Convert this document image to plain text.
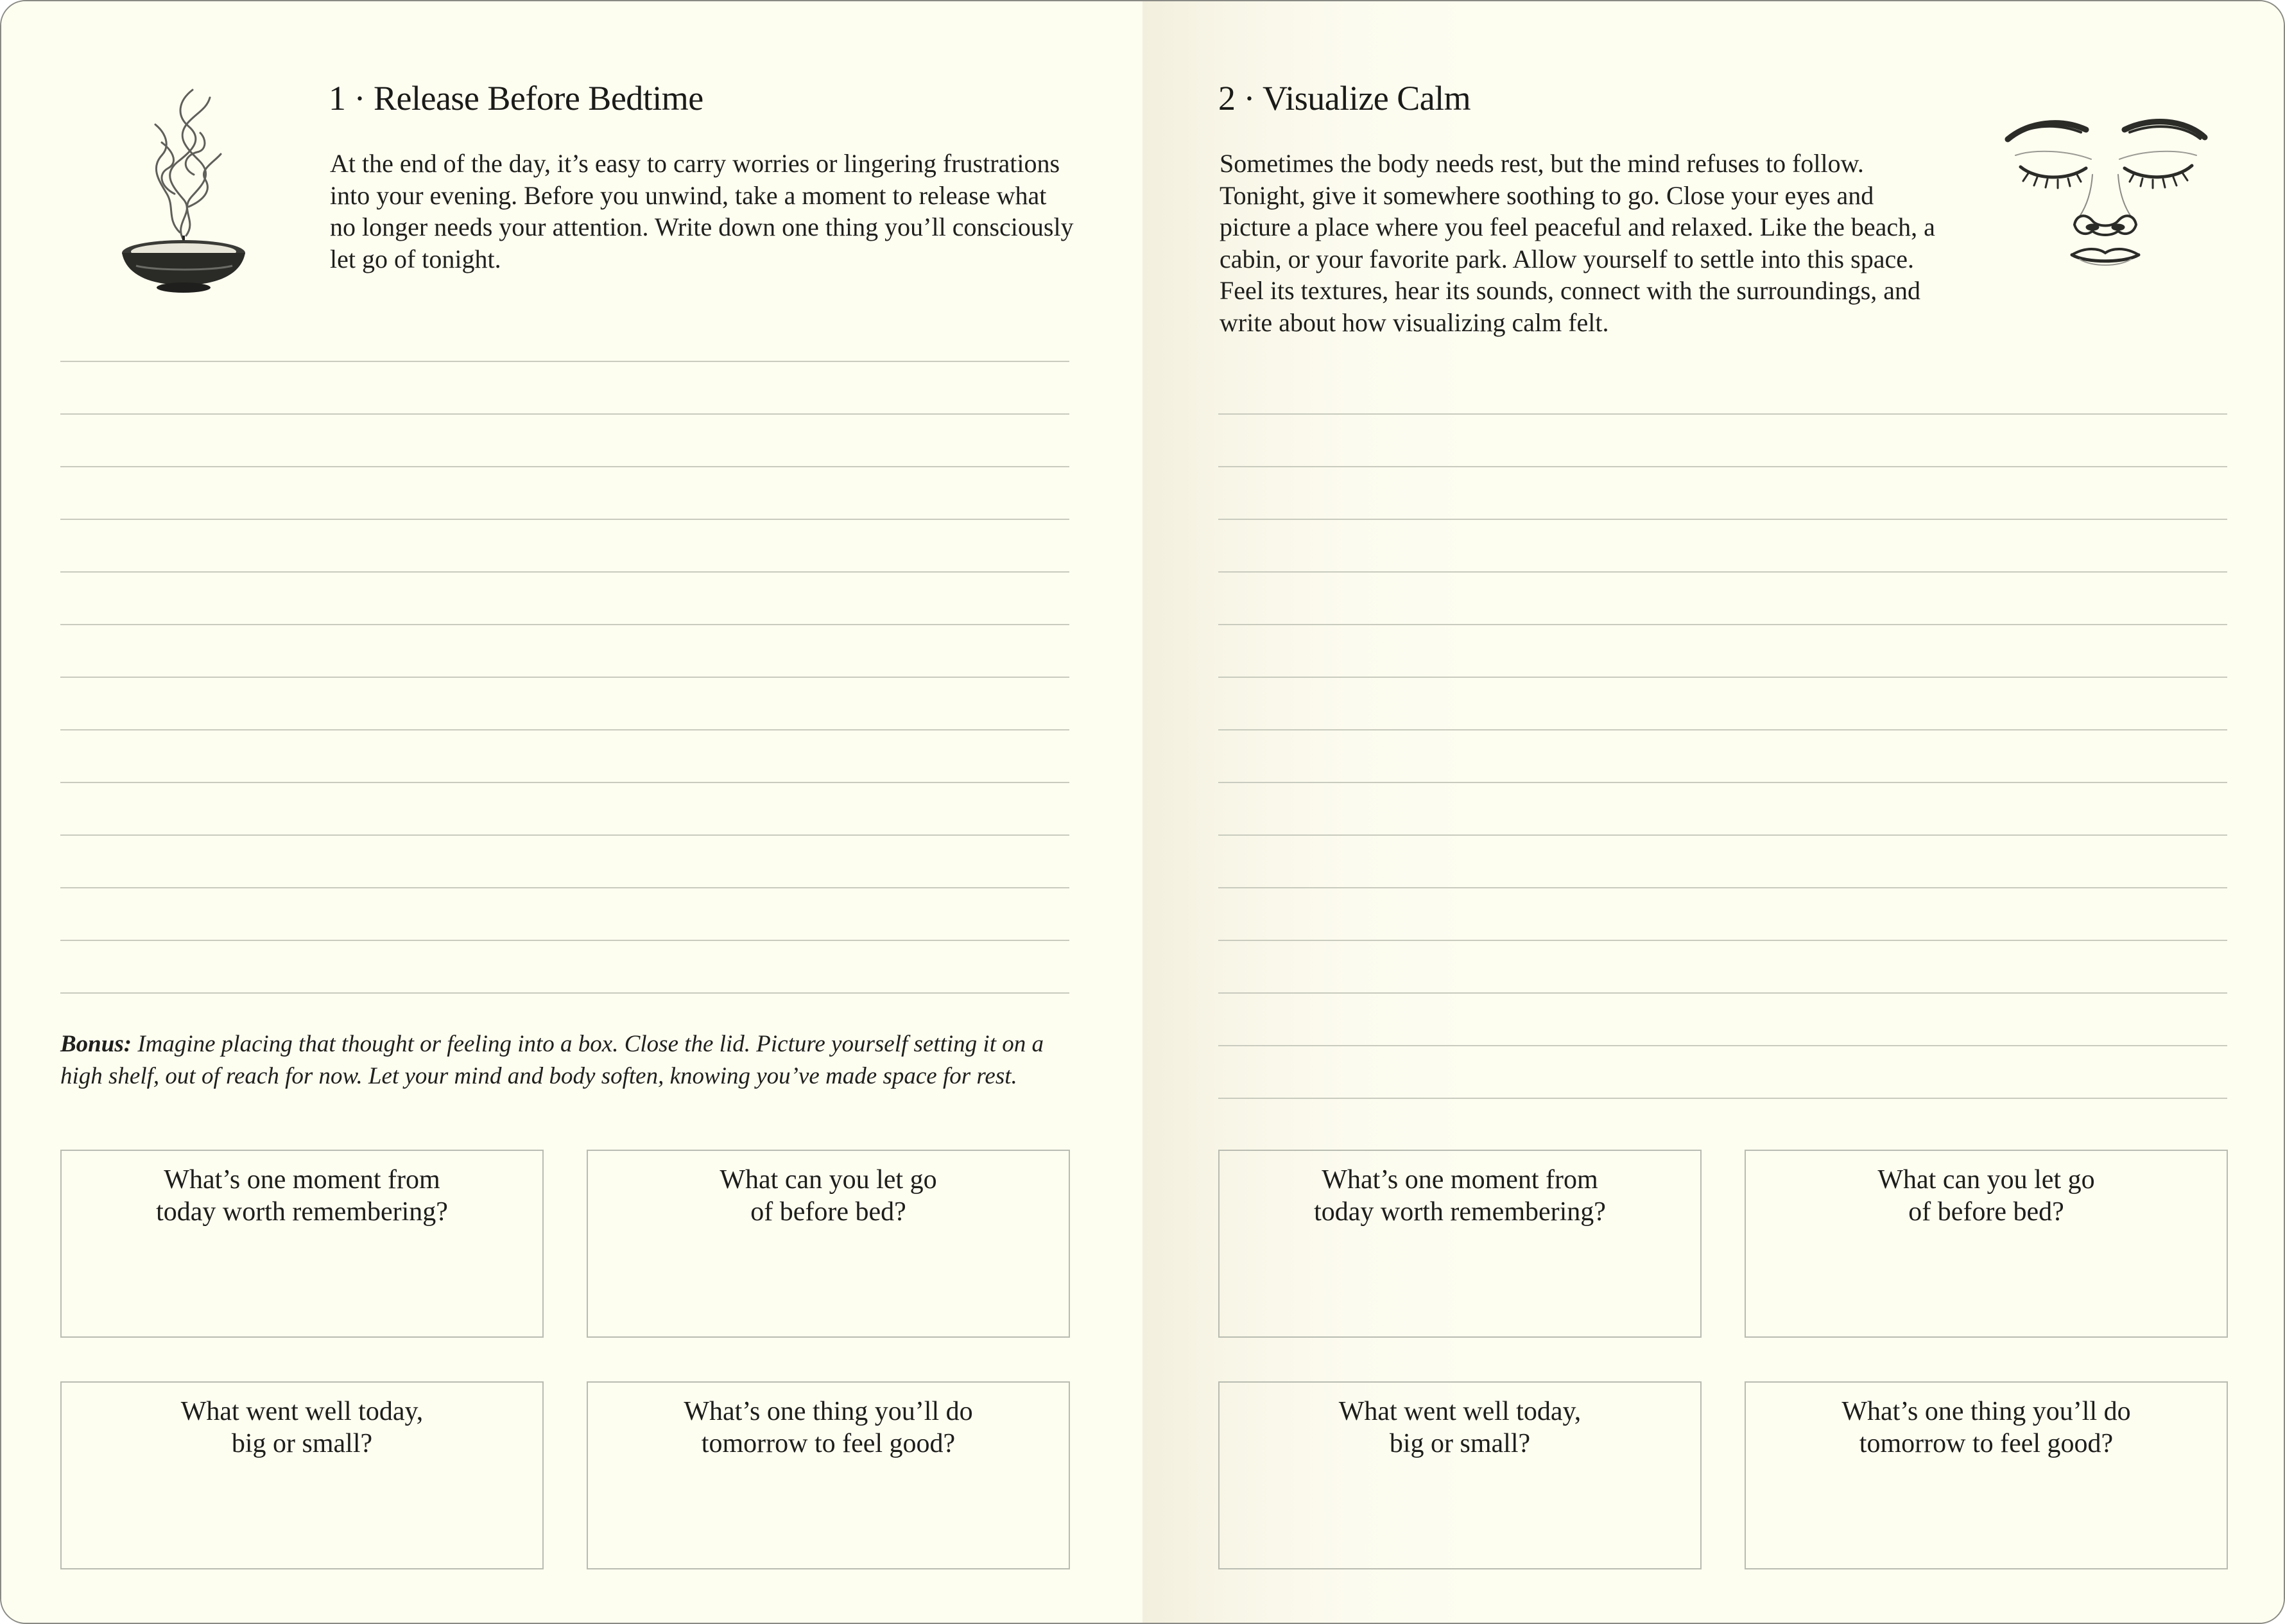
1 · Release Before Bedtime

At the end of the day, it’s easy to carry worries or lingering frustrations into your evening. Before you unwind, take a moment to release what no longer needs your attention. Write down one thing you’ll consciously let go of tonight.

Bonus: Imagine placing that thought or feeling into a box. Close the lid. Picture yourself setting it on a high shelf, out of reach for now. Let your mind and body soften, knowing you’ve made space for rest.

What’s one moment from
today worth remembering?
What can you let go
of before bed?
What went well today,
big or small?
What’s one thing you’ll do
tomorrow to feel good?
2 · Visualize Calm

Sometimes the body needs rest, but the mind refuses to follow. Tonight, give it somewhere soothing to go. Close your eyes and picture a place where you feel peaceful and relaxed. Like the beach, a cabin, or your favorite park. Allow yourself to settle into this space. Feel its textures, hear its sounds, connect with the surroundings, and write about how visualizing calm felt.

What’s one moment from
today worth remembering?
What can you let go
of before bed?
What went well today,
big or small?
What’s one thing you’ll do
tomorrow to feel good?
